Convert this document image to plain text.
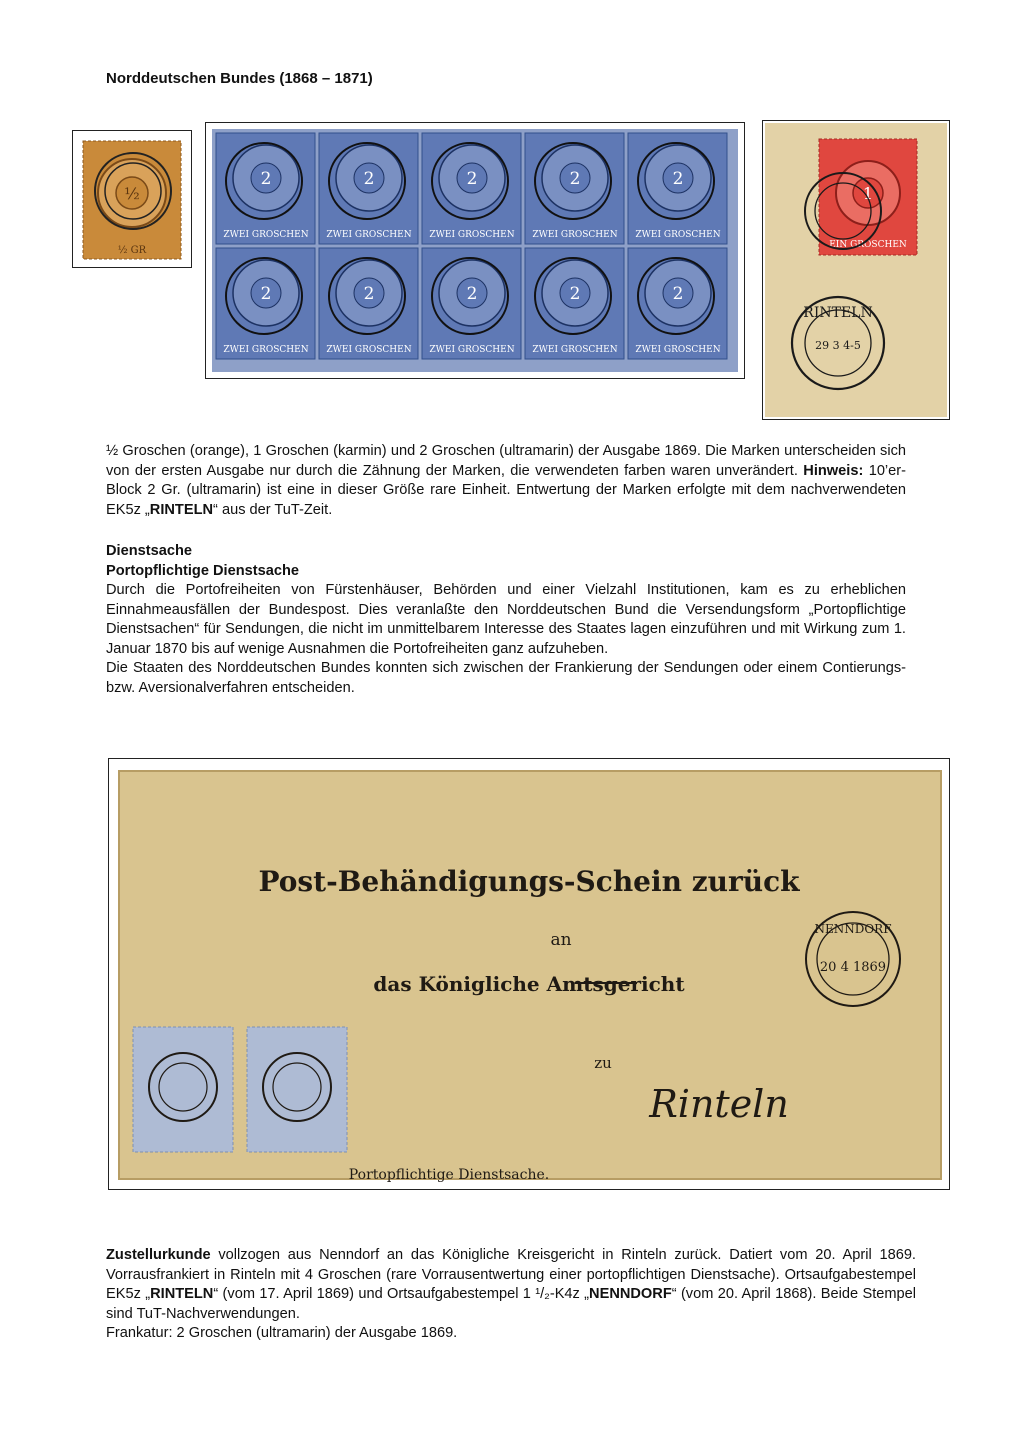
Norddeutschen Bundes (1868 – 1871)
½
½ GR
2
ZWEI GROSCHEN
2
ZWEI GROSCHEN
2
ZWEI GROSCHEN
2
ZWEI GROSCHEN
2
ZWEI GROSCHEN
2
ZWEI GROSCHEN
2
ZWEI GROSCHEN
2
ZWEI GROSCHEN
2
ZWEI GROSCHEN
2
ZWEI GROSCHEN
1
EIN GROSCHEN
RINTELN
29 3 4-5
½ Groschen (orange), 1 Groschen (karmin) und 2 Groschen (ultramarin) der Ausgabe 1869. Die Marken unterscheiden sich von der ersten Ausgabe nur durch die Zähnung der Marken, die verwendeten farben waren unverändert. Hinweis: 10’er-Block 2 Gr. (ultramarin) ist eine in dieser Größe rare Einheit. Entwertung der Marken erfolgte mit dem nachverwendeten EK5z „RINTELN“ aus der TuT-Zeit.
Dienstsache
Portopflichtige Dienstsache
Durch die Portofreiheiten von Fürstenhäuser, Behörden und einer Vielzahl Institutionen, kam es zu erheblichen Einnahmeausfällen der Bundespost. Dies veranlaßte den Norddeutschen Bund die Versendungsform „Portopflichtige Dienstsachen“ für Sendungen, die nicht im unmittelbarem Interesse des Staates lagen einzuführen und mit Wirkung zum 1. Januar 1870 bis auf wenige Ausnahmen die Portofreiheiten ganz aufzuheben.
Die Staaten des Norddeutschen Bundes konnten sich zwischen der Frankierung der Sendungen oder einem Contierungs- bzw. Aversionalverfahren entscheiden.
Post-Behändigungs-Schein zurück
an
das Königliche Amtsgericht
zu
Rinteln
Portopflichtige Dienstsache.
NENNDORF
20 4 1869
Zustellurkunde vollzogen aus Nenndorf an das Königliche Kreisgericht in Rinteln zurück. Datiert vom 20. April 1869. Vorrausfrankiert in Rinteln mit 4 Groschen (rare Vorrausentwertung einer portopflichtigen Dienstsache). Ortsaufgabestempel EK5z „RINTELN“ (vom 17. April 1869) und Ortsaufgabestempel 1 ¹/₂-K4z „NENNDORF“ (vom 20. April 1868). Beide Stempel sind TuT-Nachverwendungen.
Frankatur: 2 Groschen (ultramarin) der Ausgabe 1869.
